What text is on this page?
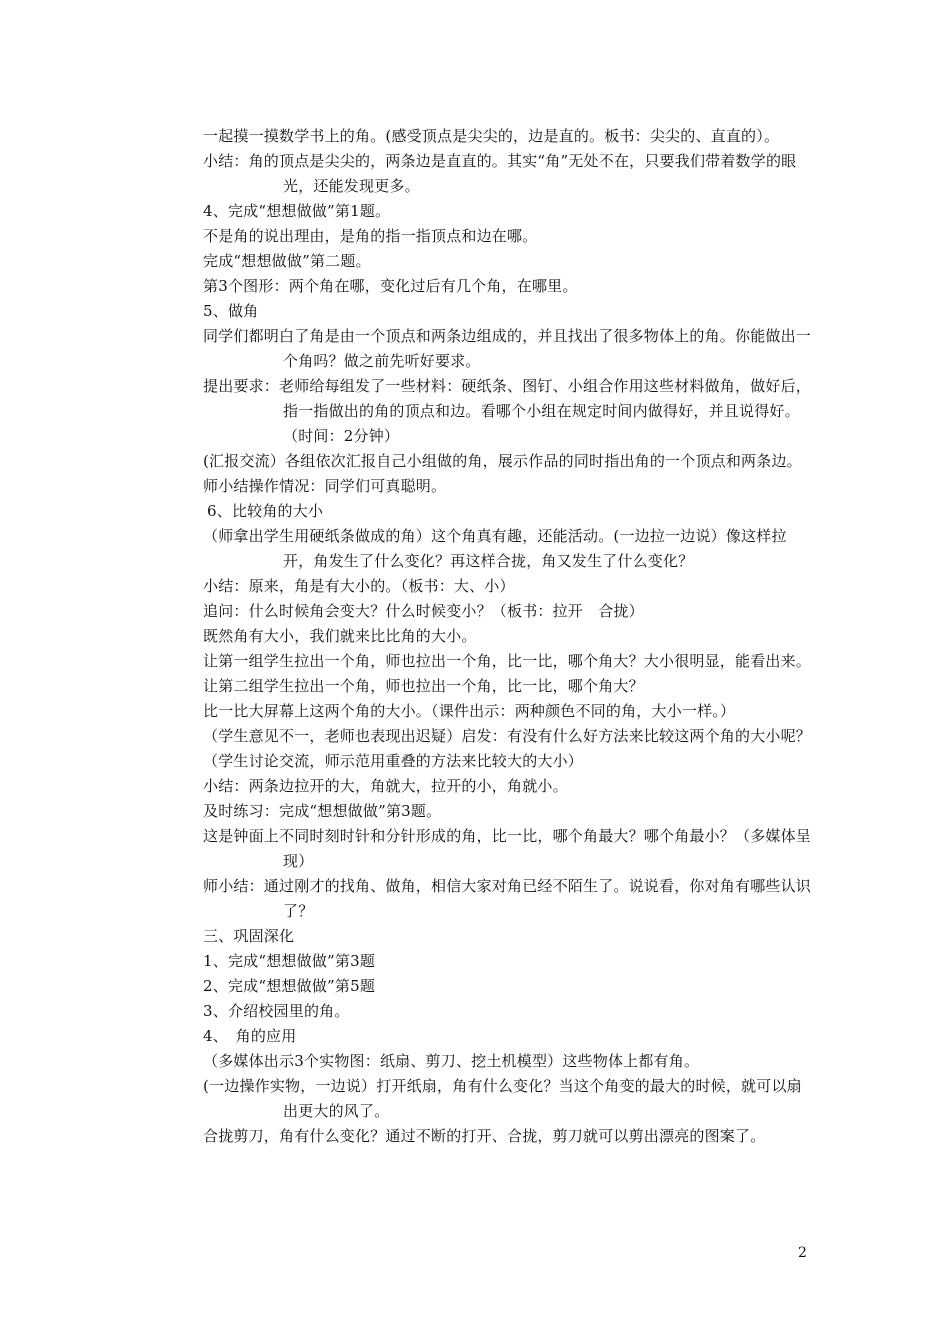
一起摸一摸数学书上的角。(感受顶点是尖尖的，边是直的。板书：尖尖的、直直的）。

小结：角的顶点是尖尖的，两条边是直直的。其实“角”无处不在，只要我们带着数学的眼光，还能发现更多。

4、完成“想想做做”第1题。

不是角的说出理由，是角的指一指顶点和边在哪。

完成“想想做做”第二题。

第3个图形：两个角在哪，变化过后有几个角，在哪里。

5、做角

同学们都明白了角是由一个顶点和两条边组成的，并且找出了很多物体上的角。你能做出一个角吗？做之前先听好要求。

提出要求：老师给每组发了一些材料：硬纸条、图钉、小组合作用这些材料做角，做好后，指一指做出的角的顶点和边。看哪个小组在规定时间内做得好，并且说得好。（时间：2分钟）

(汇报交流）各组依次汇报自己小组做的角，展示作品的同时指出角的一个顶点和两条边。

师小结操作情况：同学们可真聪明。

6、比较角的大小

（师拿出学生用硬纸条做成的角）这个角真有趣，还能活动。(一边拉一边说）像这样拉开，角发生了什么变化？再这样合拢，角又发生了什么变化？

小结：原来，角是有大小的。（板书：大、小）

追问：什么时候角会变大？什么时候变小？（板书：拉开　合拢）

既然角有大小，我们就来比比角的大小。

让第一组学生拉出一个角，师也拉出一个角，比一比，哪个角大？大小很明显，能看出来。

让第二组学生拉出一个角，师也拉出一个角，比一比，哪个角大？

比一比大屏幕上这两个角的大小。（课件出示：两种颜色不同的角，大小一样。）

（学生意见不一，老师也表现出迟疑）启发：有没有什么好方法来比较这两个角的大小呢？

（学生讨论交流，师示范用重叠的方法来比较大的大小）

小结：两条边拉开的大，角就大，拉开的小，角就小。

及时练习：完成“想想做做”第3题。

这是钟面上不同时刻时针和分针形成的角，比一比，哪个角最大？哪个角最小？（多媒体呈现）

师小结：通过刚才的找角、做角，相信大家对角已经不陌生了。说说看，你对角有哪些认识了？

三、巩固深化

1、完成“想想做做”第3题

2、完成“想想做做”第5题

3、介绍校园里的角。

4、　角的应用

（多媒体出示3个实物图：纸扇、剪刀、挖土机模型）这些物体上都有角。

(一边操作实物，一边说）打开纸扇，角有什么变化？当这个角变的最大的时候，就可以扇出更大的风了。

合拢剪刀，角有什么变化？通过不断的打开、合拢，剪刀就可以剪出漂亮的图案了。

2
